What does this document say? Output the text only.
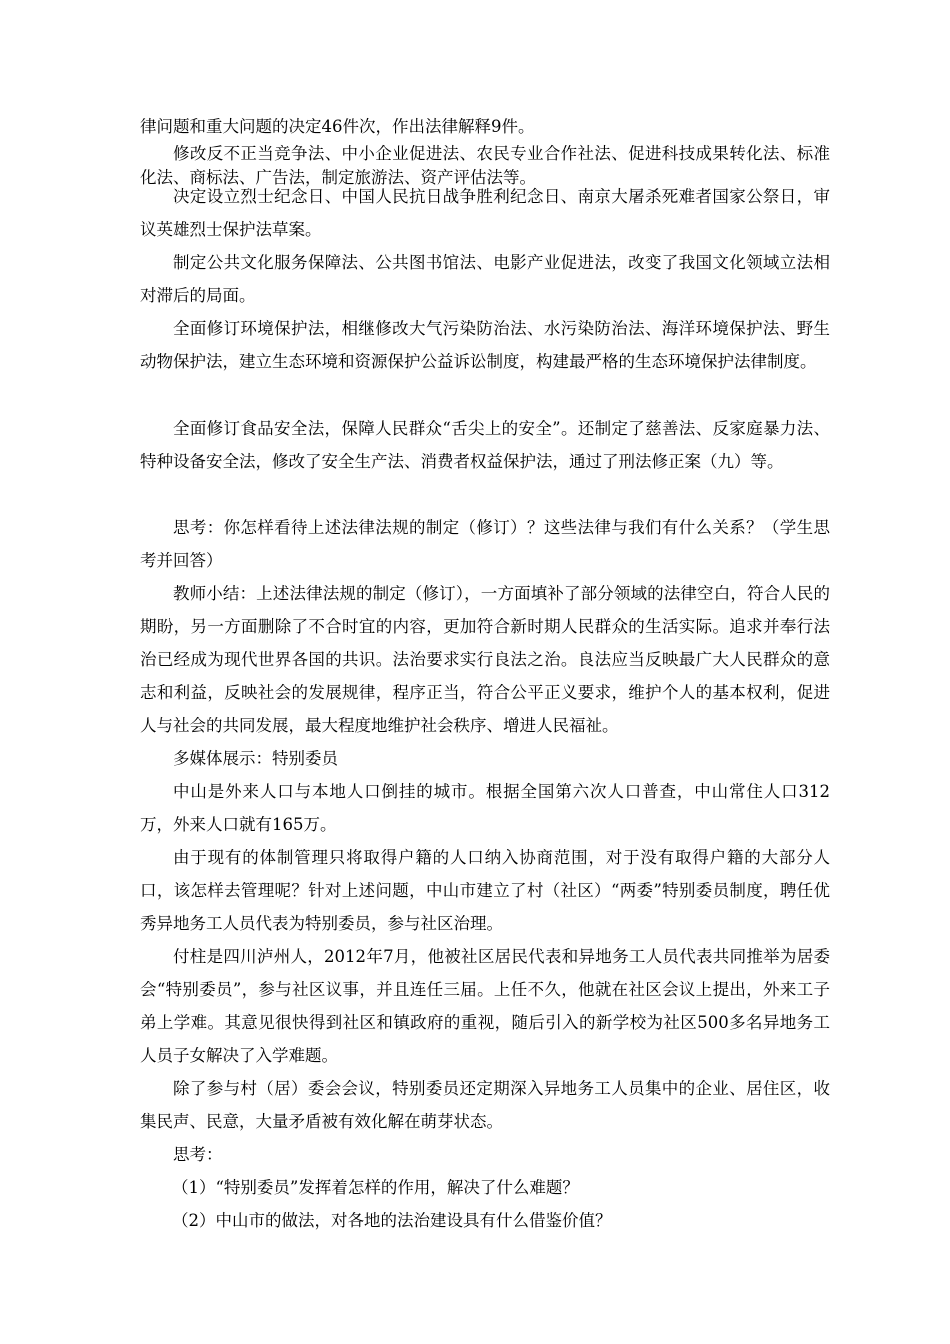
律问题和重大问题的决定46件次，作出法律解释9件。

修改反不正当竞争法、中小企业促进法、农民专业合作社法、促进科技成果转化法、标准化法、商标法、广告法，制定旅游法、资产评估法等。

决定设立烈士纪念日、中国人民抗日战争胜利纪念日、南京大屠杀死难者国家公祭日，审议英雄烈士保护法草案。

制定公共文化服务保障法、公共图书馆法、电影产业促进法，改变了我国文化领域立法相对滞后的局面。

全面修订环境保护法，相继修改大气污染防治法、水污染防治法、海洋环境保护法、野生动物保护法，建立生态环境和资源保护公益诉讼制度，构建最严格的生态环境保护法律制度。

全面修订食品安全法，保障人民群众“舌尖上的安全”。还制定了慈善法、反家庭暴力法、特种设备安全法，修改了安全生产法、消费者权益保护法，通过了刑法修正案（九）等。

思考：你怎样看待上述法律法规的制定（修订）？这些法律与我们有什么关系？（学生思考并回答）

教师小结：上述法律法规的制定（修订），一方面填补了部分领域的法律空白，符合人民的期盼，另一方面删除了不合时宜的内容，更加符合新时期人民群众的生活实际。追求并奉行法治已经成为现代世界各国的共识。法治要求实行良法之治。良法应当反映最广大人民群众的意志和利益，反映社会的发展规律，程序正当，符合公平正义要求，维护个人的基本权利，促进人与社会的共同发展，最大程度地维护社会秩序、增进人民福祉。

多媒体展示：特别委员

中山是外来人口与本地人口倒挂的城市。根据全国第六次人口普查，中山常住人口312万，外来人口就有165万。

由于现有的体制管理只将取得户籍的人口纳入协商范围，对于没有取得户籍的大部分人口，该怎样去管理呢？针对上述问题，中山市建立了村（社区）“两委”特别委员制度，聘任优秀异地务工人员代表为特别委员，参与社区治理。

付柱是四川泸州人，2012年7月，他被社区居民代表和异地务工人员代表共同推举为居委会“特别委员”，参与社区议事，并且连任三届。上任不久，他就在社区会议上提出，外来工子弟上学难。其意见很快得到社区和镇政府的重视，随后引入的新学校为社区500多名异地务工人员子女解决了入学难题。

除了参与村（居）委会会议，特别委员还定期深入异地务工人员集中的企业、居住区，收集民声、民意，大量矛盾被有效化解在萌芽状态。

思考：

（1）“特别委员”发挥着怎样的作用，解决了什么难题？

（2）中山市的做法，对各地的法治建设具有什么借鉴价值？
